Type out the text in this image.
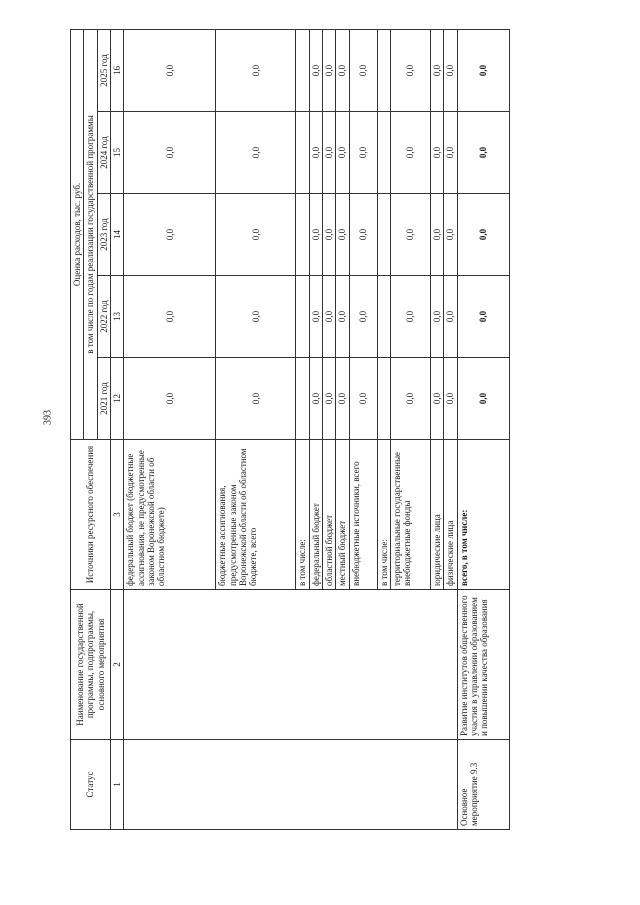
393
Статус	Наименование государственной программы, подпрограммы, основного мероприятия	Источники ресурсного обеспечения	Оценка расходов, тыс. руб.				
			в том числе по годам реализации государственной программы				
			2021 год	2022 год	2023 год	2024 год	2025 год
1	2	3	12	13	14	15	16
		федеральный бюджет (бюджетные ассигнования, не предусмотренные законом Воронежской области об областном бюджете)	0,0	0,0	0,0	0,0	0,0
		бюджетные ассигнования, предусмотренные законом Воронежской области об областном бюджете, всего	0,0	0,0	0,0	0,0	0,0
		в том числе:					
		федеральный бюджет	0,0	0,0	0,0	0,0	0,0
		областной бюджет	0,0	0,0	0,0	0,0	0,0
		местный бюджет	0,0	0,0	0,0	0,0	0,0
		внебюджетные источники, всего	0,0	0,0	0,0	0,0	0,0
		в том числе:					
		территориальные государственные внебюджетные фонды	0,0	0,0	0,0	0,0	0,0
		юридические лица	0,0	0,0	0,0	0,0	0,0
		физические лица	0,0	0,0	0,0	0,0	0,0
Основное мероприятие 9.3	Развитие институтов общественного участия в управлении образованием и повышении качества образования	всего, в том числе:	0,0	0,0	0,0	0,0	0,0
